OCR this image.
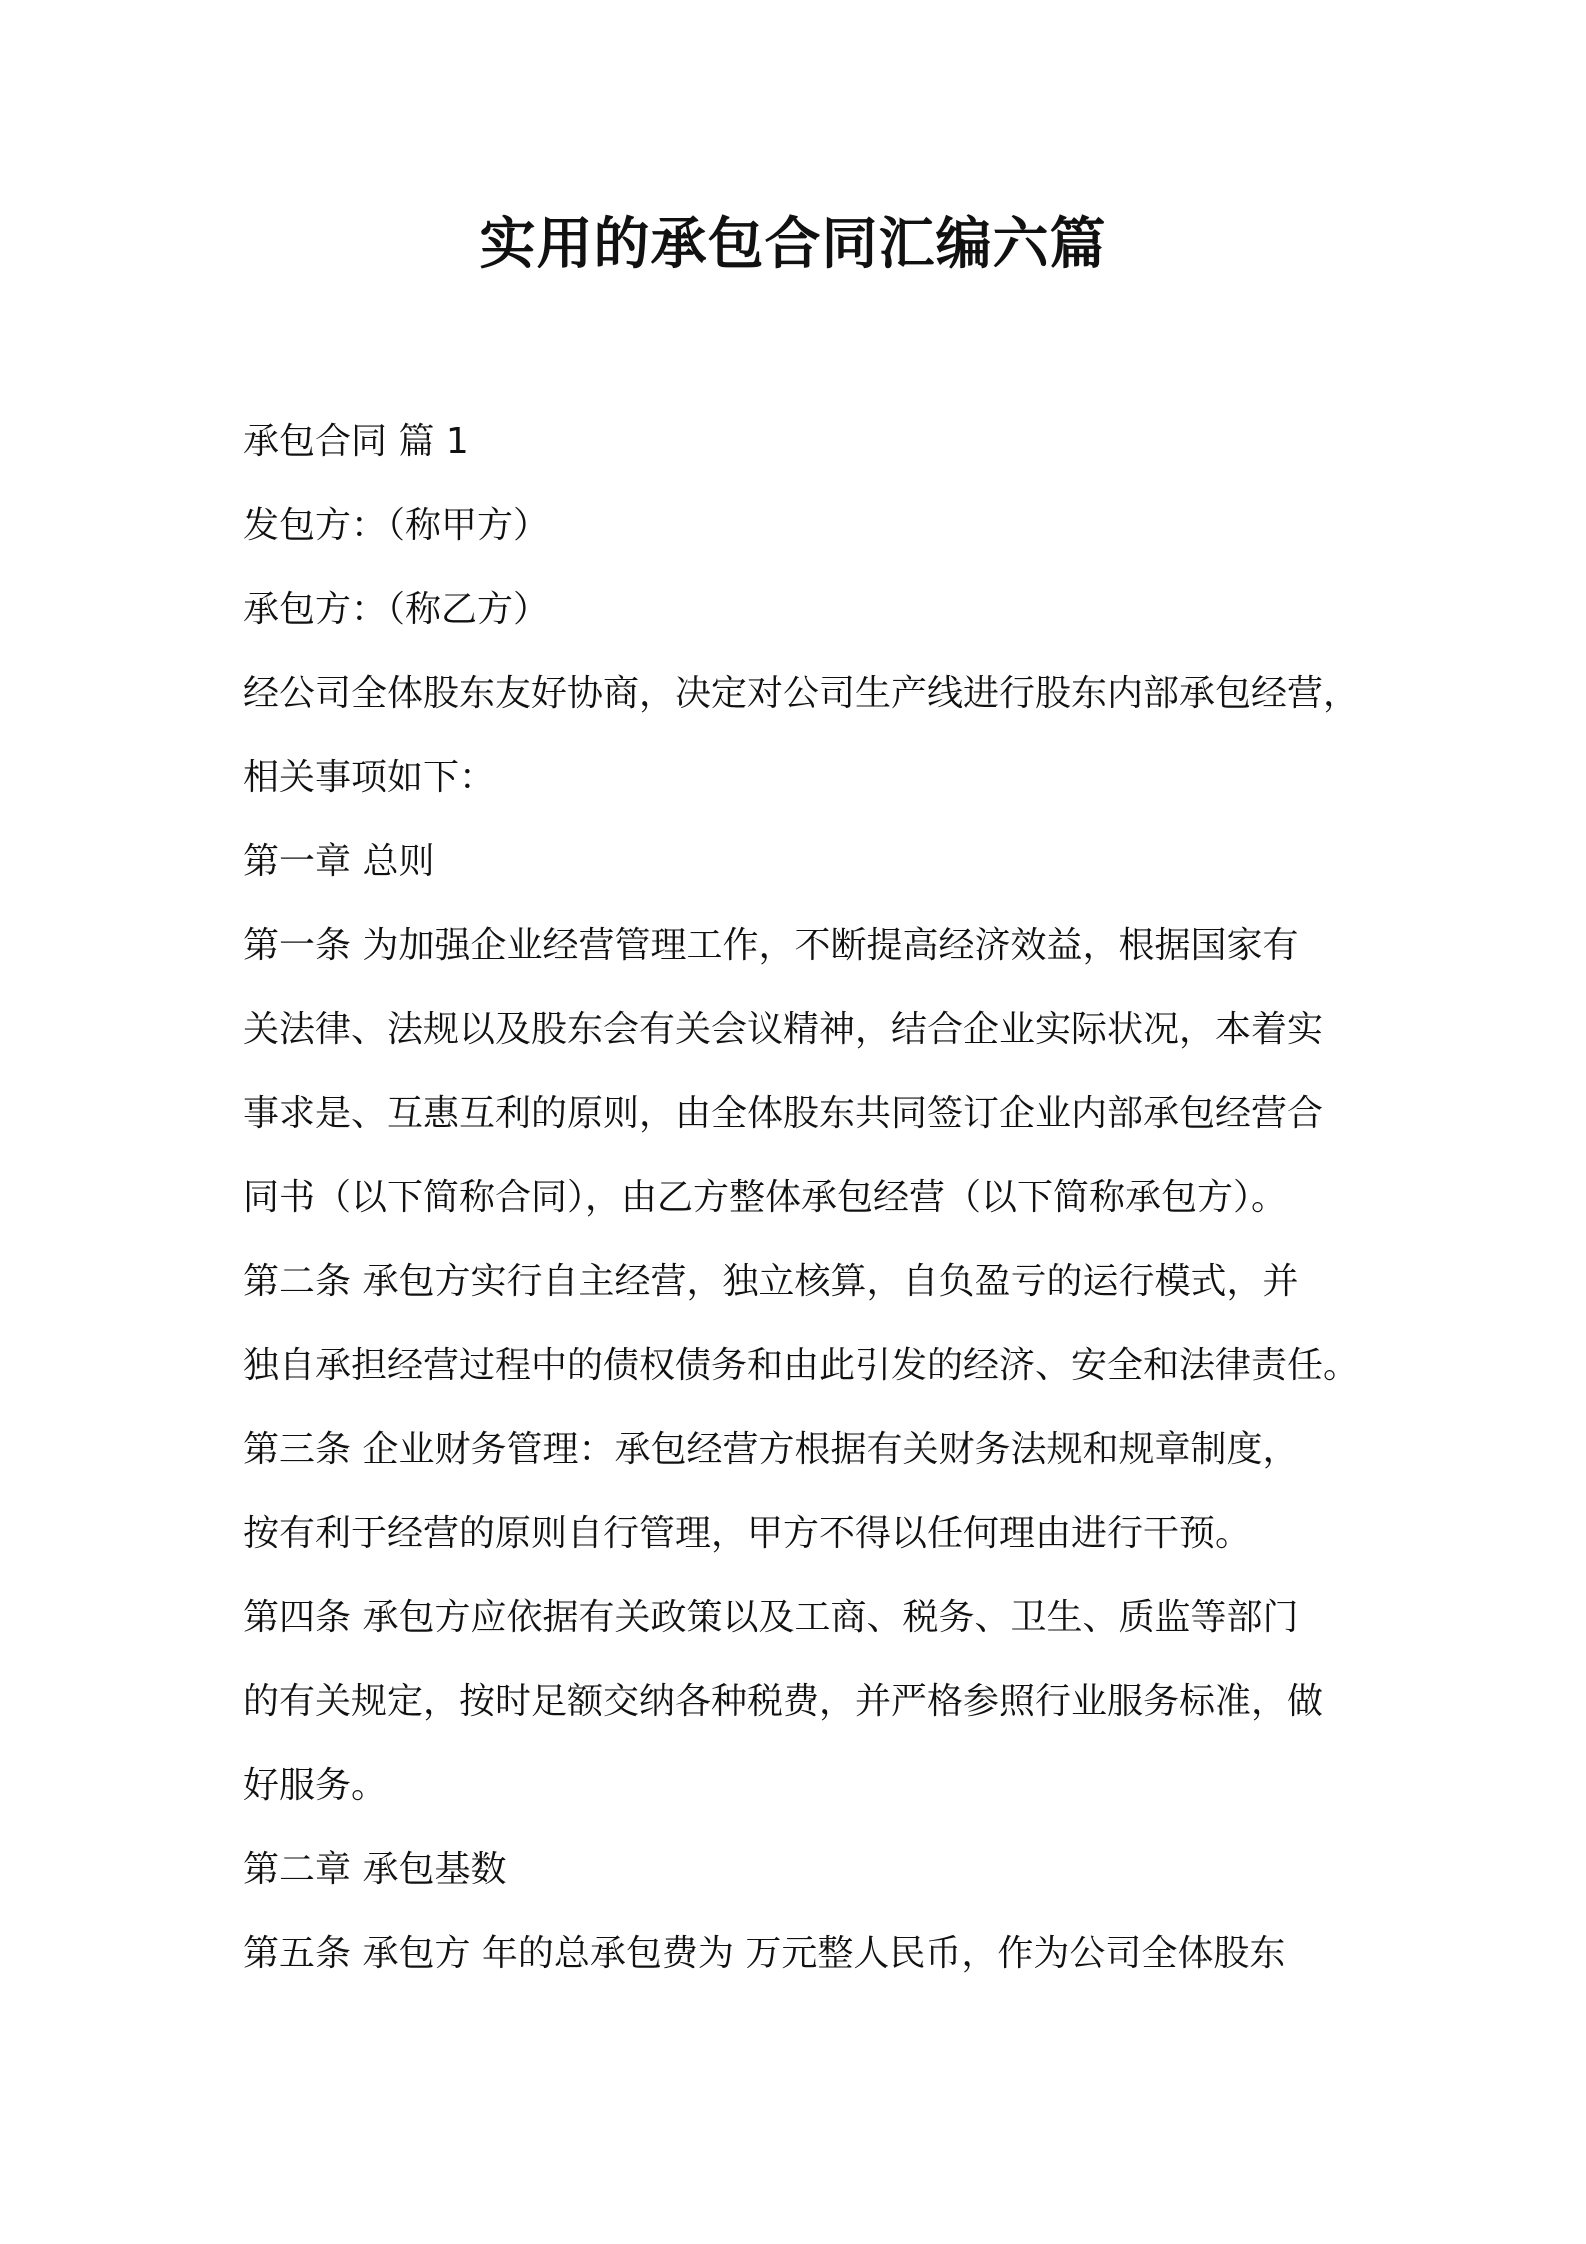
实用的承包合同汇编六篇

承包合同 篇 1

发包方：（称甲方）

承包方：（称乙方）

经公司全体股东友好协商，决定对公司生产线进行股东内部承包经营，

相关事项如下：

第一章 总则

第一条 为加强企业经营管理工作，不断提高经济效益，根据国家有

关法律、法规以及股东会有关会议精神，结合企业实际状况，本着实

事求是、互惠互利的原则，由全体股东共同签订企业内部承包经营合

同书（以下简称合同），由乙方整体承包经营（以下简称承包方）。

第二条 承包方实行自主经营，独立核算，自负盈亏的运行模式，并

独自承担经营过程中的债权债务和由此引发的经济、安全和法律责任。

第三条 企业财务管理：承包经营方根据有关财务法规和规章制度，

按有利于经营的原则自行管理，甲方不得以任何理由进行干预。

第四条 承包方应依据有关政策以及工商、税务、卫生、质监等部门

的有关规定，按时足额交纳各种税费，并严格参照行业服务标准，做

好服务。

第二章 承包基数

第五条 承包方 年的总承包费为 万元整人民币，作为公司全体股东
